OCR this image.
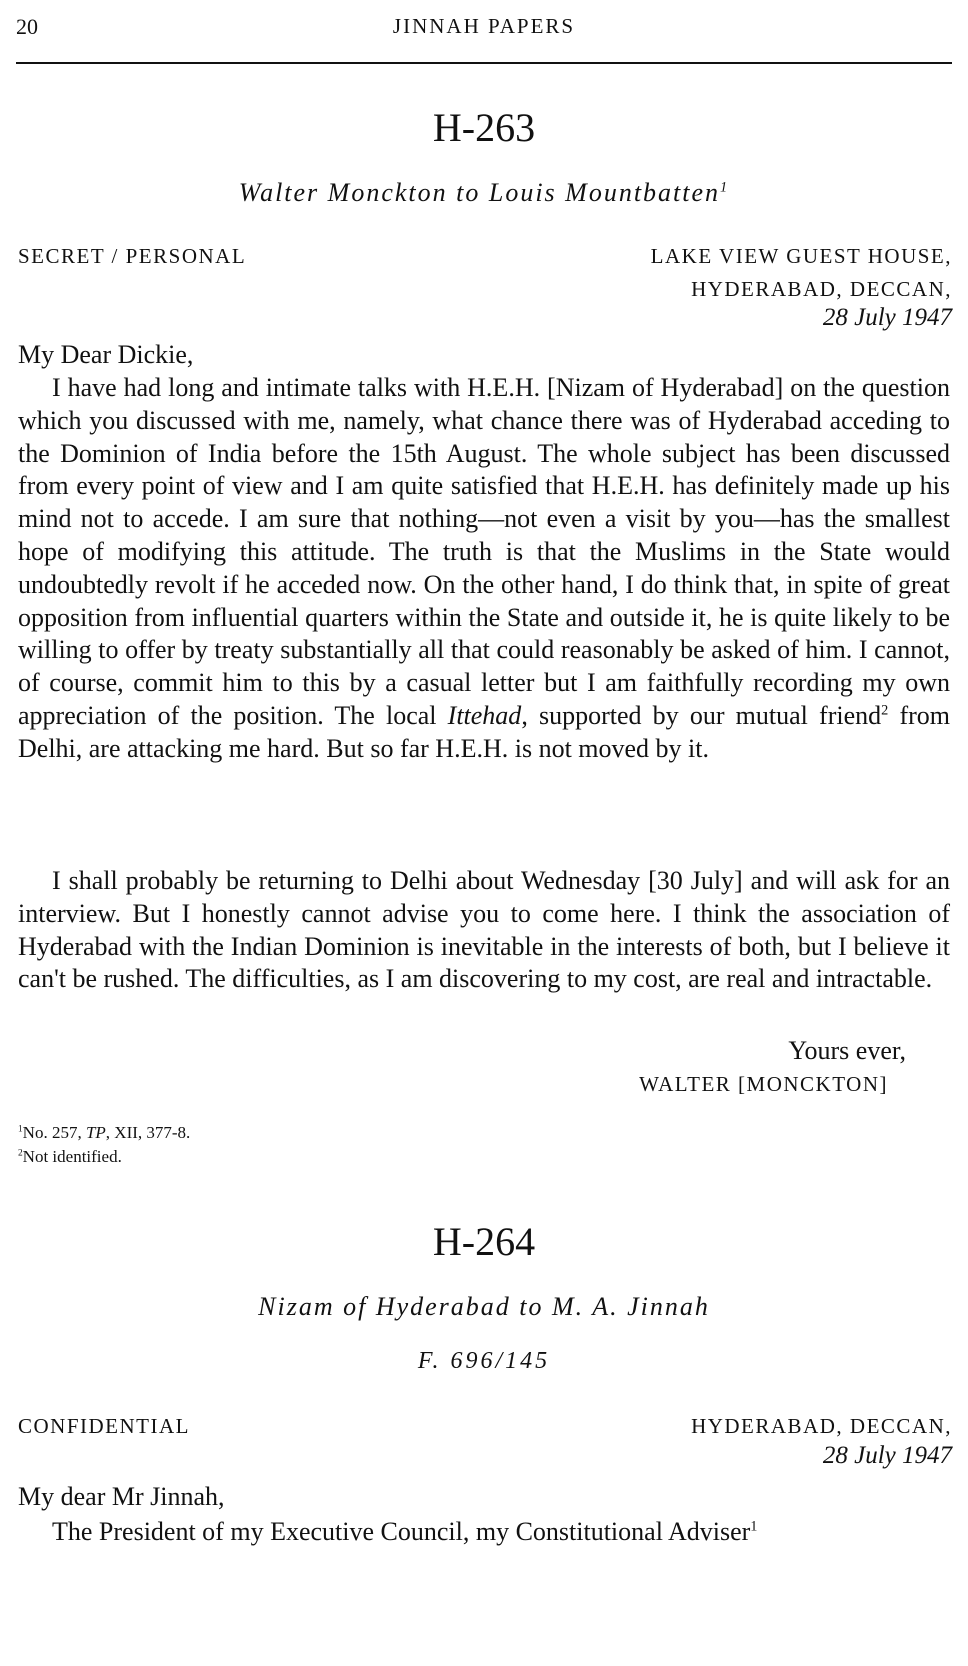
20	JINNAH PAPERS
H-263
Walter Monckton to Louis Mountbatten$^1$
SECRET / PERSONAL	LAKE VIEW GUEST HOUSE,
HYDERABAD, DECCAN,
28 July 1947
My Dear Dickie,
I have had long and intimate talks with H.E.H. [Nizam of Hyderabad] on the question which you discussed with me, namely, what chance there was of Hyderabad acceding to the Dominion of India before the 15th August. The whole subject has been discussed from every point of view and I am quite satisfied that H.E.H. has definitely made up his mind not to accede. I am sure that nothing—not even a visit by you—has the smallest hope of modifying this attitude. The truth is that the Muslims in the State would undoubtedly revolt if he acceded now. On the other hand, I do think that, in spite of great opposition from influential quarters within the State and outside it, he is quite likely to be willing to offer by treaty substantially all that could reasonably be asked of him. I cannot, of course, commit him to this by a casual letter but I am faithfully recording my own appreciation of the position. The local Ittehad, supported by our mutual friend$^2$ from Delhi, are attacking me hard. But so far H.E.H. is not moved by it.
I shall probably be returning to Delhi about Wednesday [30 July] and will ask for an interview. But I honestly cannot advise you to come here. I think the association of Hyderabad with the Indian Dominion is inevitable in the interests of both, but I believe it can't be rushed. The difficulties, as I am discovering to my cost, are real and intractable.
Yours ever,
WALTER [MONCKTON]
$^1$No. 257, TP, XII, 377-8.
$^2$Not identified.
H-264
Nizam of Hyderabad to M. A. Jinnah
F. 696/145
CONFIDENTIAL	HYDERABAD, DECCAN,
28 July 1947
My dear Mr Jinnah,
The President of my Executive Council, my Constitutional Adviser$^1$
